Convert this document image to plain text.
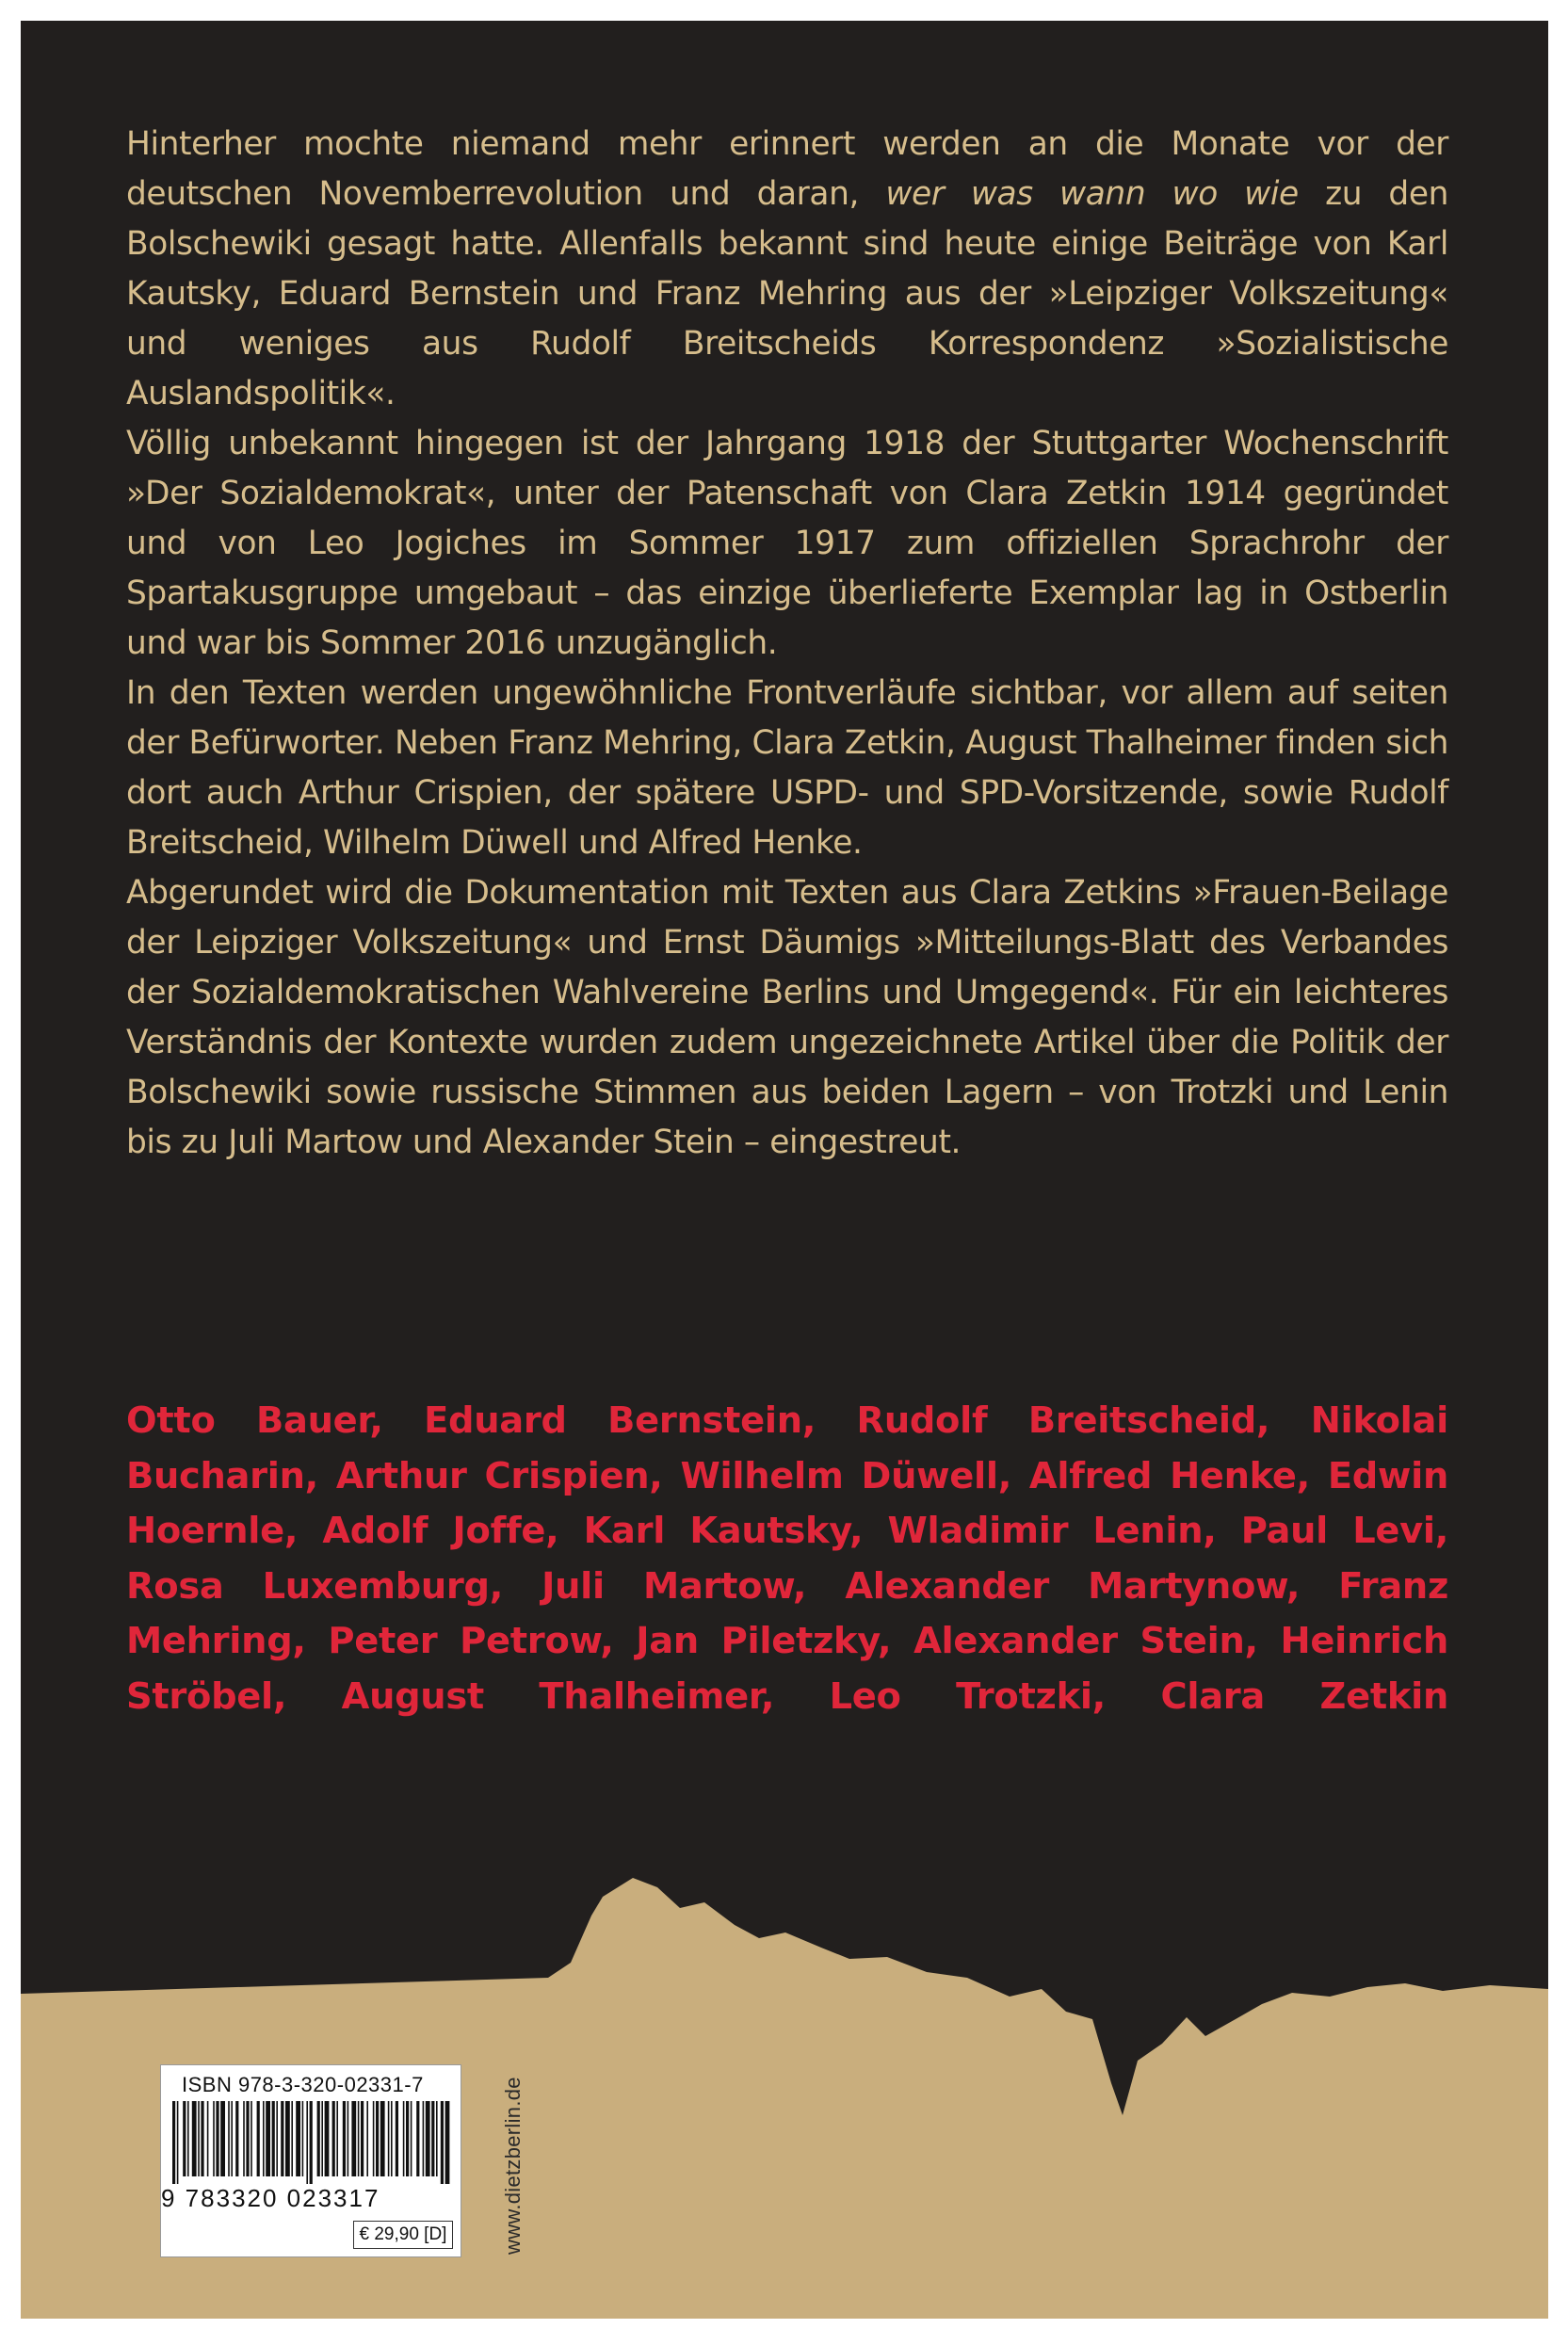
Hinterher mochte niemand mehr erinnert werden an die Monate vor der deutschen Novemberrevolution und daran, wer was wann wo wie zu den Bolschewiki gesagt hatte. Allenfalls bekannt sind heute einige Beiträge von Karl Kautsky, Eduard Bernstein und Franz Mehring aus der »Leipziger Volkszeitung« und weniges aus Rudolf Breitscheids Korrespondenz »Sozialistische Auslandspolitik«.

Völlig unbekannt hingegen ist der Jahrgang 1918 der Stuttgarter Wochenschrift »Der Sozialdemokrat«, unter der Patenschaft von Clara Zetkin 1914 gegründet und von Leo Jogiches im Sommer 1917 zum offiziellen Sprachrohr der Spartakusgruppe umgebaut – das einzige überlieferte Exemplar lag in Ostberlin und war bis Sommer 2016 unzugänglich.

In den Texten werden ungewöhnliche Frontverläufe sichtbar, vor allem auf seiten der Befürworter. Neben Franz Mehring, Clara Zetkin, August Thalheimer finden sich dort auch Arthur Crispien, der spätere USPD- und SPD-Vorsitzende, sowie Rudolf Breitscheid, Wilhelm Düwell und Alfred Henke.

Abgerundet wird die Dokumentation mit Texten aus Clara Zetkins »Frauen-Beilage der Leipziger Volkszeitung« und Ernst Däumigs »Mitteilungs-Blatt des Verbandes der Sozialdemokratischen Wahlvereine Berlins und Umgegend«. Für ein leichteres Verständnis der Kontexte wurden zudem ungezeichnete Artikel über die Politik der Bolschewiki sowie russische Stimmen aus beiden Lagern – von Trotzki und Lenin bis zu Juli Martow und Alexander Stein – eingestreut.

Otto Bauer, Eduard Bernstein, Rudolf Breitscheid, Nikolai Bucharin, Arthur Crispien, Wilhelm Düwell, Alfred Henke, Edwin Hoernle, Adolf Joffe, Karl Kautsky, Wladimir Lenin, Paul Levi, Rosa Luxemburg, Juli Martow, Alexander Martynow, Franz Mehring, Peter Petrow, Jan Piletzky, Alexander Stein, Heinrich Ströbel, August Thalheimer, Leo Trotzki, Clara Zetkin
ISBN 978-3-320-02331-7
9 783320 023317
€ 29,90 [D]	www.dietzberlin.de
